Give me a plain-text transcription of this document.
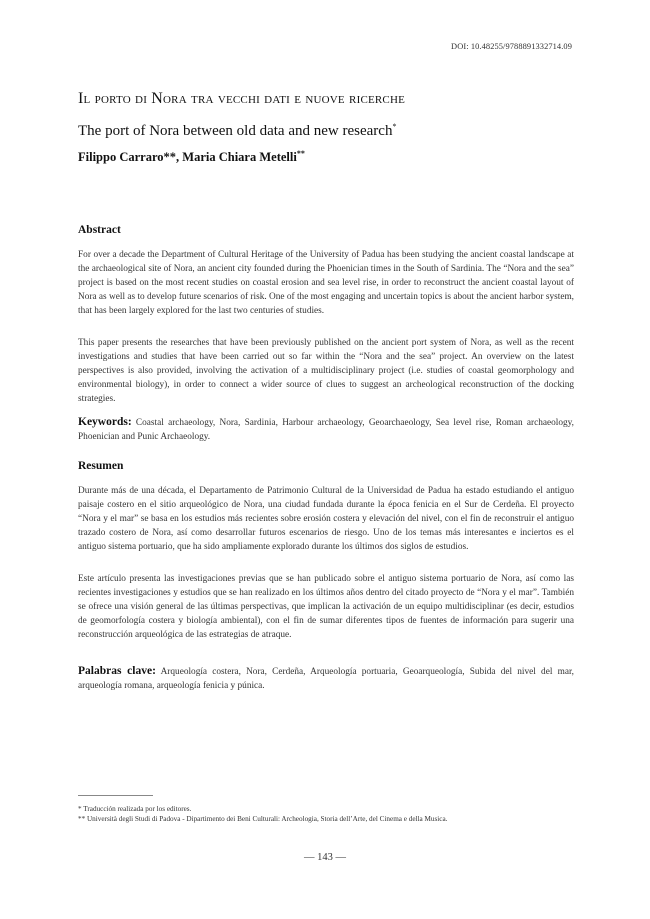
DOI: 10.48255/9788891332714.09
Il porto di Nora tra vecchi dati e nuove ricerche
The port of Nora between old data and new research*
Filippo Carraro**, Maria Chiara Metelli**
Abstract

For over a decade the Department of Cultural Heritage of the University of Padua has been studying the ancient coastal landscape at the archaeological site of Nora, an ancient city founded during the Phoenician times in the South of Sardinia. The “Nora and the sea” project is based on the most recent studies on coastal erosion and sea level rise, in order to reconstruct the ancient coastal layout of Nora as well as to develop future scenarios of risk. One of the most engaging and uncertain topics is about the ancient harbor system, that has been largely explored for the last two centuries of studies.

This paper presents the researches that have been previously published on the ancient port system of Nora, as well as the recent investigations and studies that have been carried out so far within the “Nora and the sea” project. An overview on the latest perspectives is also provided, involving the activation of a multidisciplinary project (i.e. studies of coastal geomorphology and environmental biology), in order to connect a wider source of clues to suggest an archeological reconstruction of the docking strategies.

Keywords: Coastal archaeology, Nora, Sardinia, Harbour archaeology, Geoarchaeology, Sea level rise, Roman archaeology, Phoenician and Punic Archaeology.

Resumen

Durante más de una década, el Departamento de Patrimonio Cultural de la Universidad de Padua ha estado estudiando el antiguo paisaje costero en el sitio arqueológico de Nora, una ciudad fundada durante la época fenicia en el Sur de Cerdeña. El proyecto “Nora y el mar” se basa en los estudios más recientes sobre erosión costera y elevación del nivel, con el fin de reconstruir el antiguo trazado costero de Nora, así como desarrollar futuros escenarios de riesgo. Uno de los temas más interesantes e inciertos es el antiguo sistema portuario, que ha sido ampliamente explorado durante los últimos dos siglos de estudios.

Este artículo presenta las investigaciones previas que se han publicado sobre el antiguo sistema portuario de Nora, así como las recientes investigaciones y estudios que se han realizado en los últimos años dentro del citado proyecto de “Nora y el mar”. También se ofrece una visión general de las últimas perspectivas, que implican la activación de un equipo multidisciplinar (es decir, estudios de geomorfología costera y biología ambiental), con el fin de sumar diferentes tipos de fuentes de información para sugerir una reconstrucción arqueológica de las estrategias de atraque.

Palabras clave: Arqueología costera, Nora, Cerdeña, Arqueología portuaria, Geoarqueología, Subida del nivel del mar, arqueología romana, arqueología fenicia y púnica.

* Traducción realizada por los editores.
** Università degli Studi di Padova - Dipartimento dei Beni Culturali: Archeologia, Storia dell’Arte, del Cinema e della Musica.
— 143 —
